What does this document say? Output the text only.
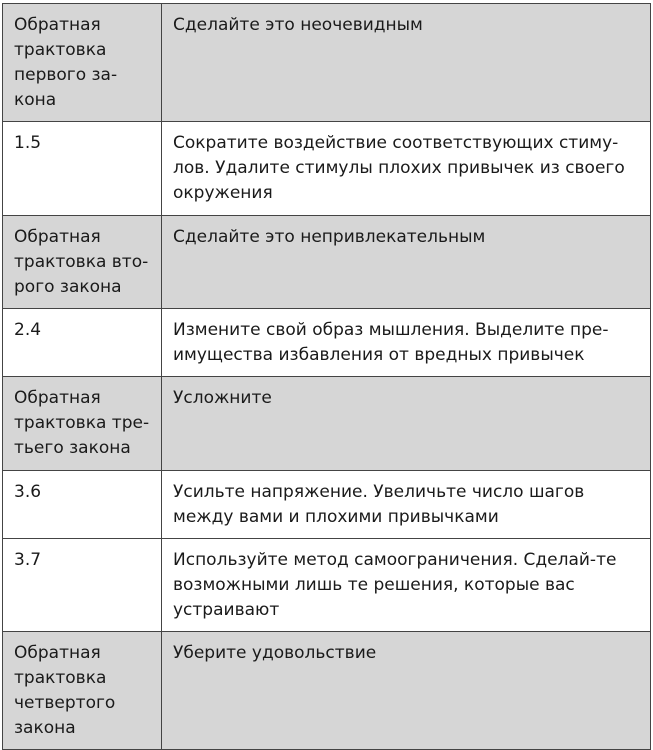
Обратная трактовка первого за-кона	Сделайте это неочевидным
1.5	Сократите воздействие соответствующих стиму-лов. Удалите стимулы плохих привычек из своего окружения
Обратная трактовка вто-рого закона	Сделайте это непривлекательным
2.4	Измените свой образ мышления. Выделите пре-имущества избавления от вредных привычек
Обратная трактовка тре-тьего закона	Усложните
3.6	Усильте напряжение. Увеличьте число шагов между вами и плохими привычками
3.7	Используйте метод самоограничения. Сделай-те возможными лишь те решения, которые вас устраивают
Обратная трактовка четвертого закона	Уберите удовольствие
